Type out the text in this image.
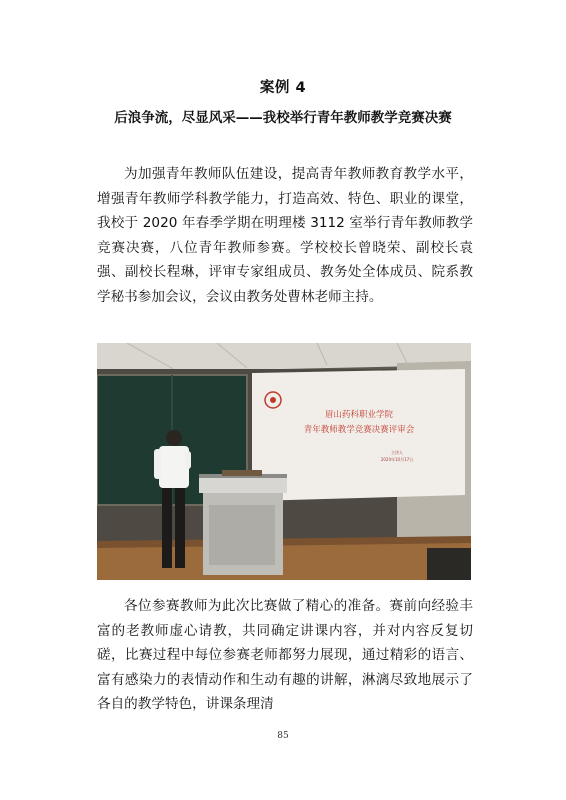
案例 4
后浪争流，尽显风采——我校举行青年教师教学竞赛决赛

为加强青年教师队伍建设，提高青年教师教育教学水平，增强青年教师学科教学能力，打造高效、特色、职业的课堂，我校于 2020 年春季学期在明理楼 3112 室举行青年教师教学竞赛决赛，八位青年教师参赛。学校校长曾晓荣、副校长袁强、副校长程琳，评审专家组成员、教务处全体成员、院系教学秘书参加会议，会议由教务处曹林老师主持。

眉山药科职业学院
青年教师教学竞赛决赛评审会
主讲人
2020年10月17日

各位参赛教师为此次比赛做了精心的准备。赛前向经验丰富的老教师虚心请教，共同确定讲课内容，并对内容反复切磋，比赛过程中每位参赛老师都努力展现，通过精彩的语言、富有感染力的表情动作和生动有趣的讲解，淋漓尽致地展示了各自的教学特色，讲课条理清

85
